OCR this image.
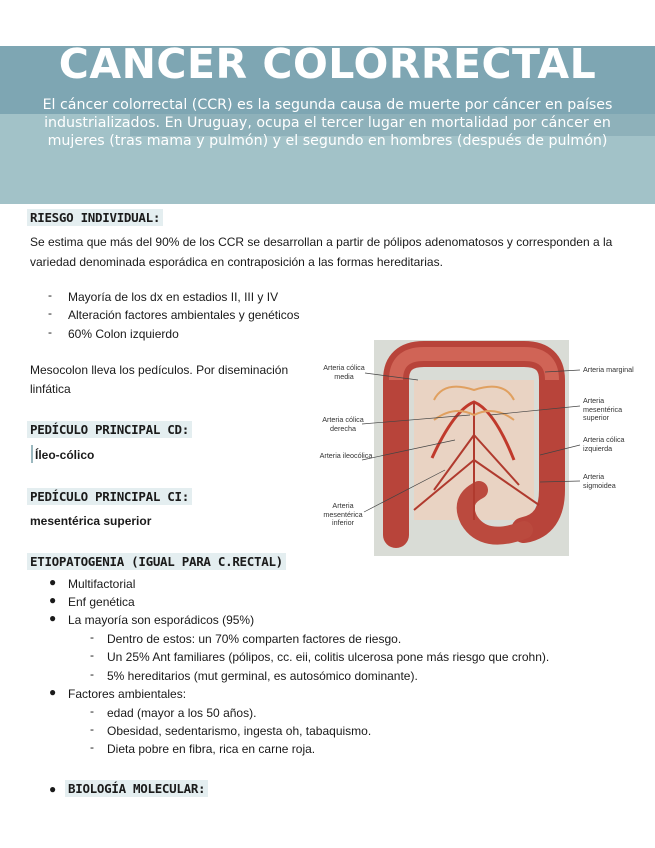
CANCER COLORRECTAL
El cáncer colorrectal (CCR) es la segunda causa de muerte por cáncer en países industrializados. En Uruguay, ocupa el tercer lugar en mortalidad por cáncer en mujeres (tras mama y pulmón) y el segundo en hombres (después de pulmón)
RIESGO INDIVIDUAL:
Se estima que más del 90% de los CCR se desarrollan a partir de pólipos adenomatosos y corresponden a la variedad denominada esporádica en contraposición a las formas hereditarias.
- Mayoría de los dx en estadios II, III y IV
- Alteración factores ambientales y genéticos
- 60% Colon izquierdo
Mesocolon lleva los pedículos. Por diseminación linfática
PEDÍCULO PRINCIPAL CD:
Íleo-cólico
PEDÍCULO PRINCIPAL CI:
mesentérica superior
Arteria cólica media
Arteria cólica derecha
Arteria ileocólica
Arteria mesentérica inferior
Arteria marginal
Arteria mesentérica superior
Arteria cólica izquierda
Arteria sigmoidea
ETIOPATOGENIA (IGUAL PARA C.RECTAL)
● Multifactorial
● Enf genética
● La mayoría son esporádicos (95%)
- Dentro de estos: un 70% comparten factores de riesgo.
- Un 25% Ant familiares (pólipos, cc. eii, colitis ulcerosa pone más riesgo que crohn).
- 5% hereditarios (mut germinal, es autosómico dominante).
● Factores ambientales:
- edad (mayor a los 50 años).
- Obesidad, sedentarismo, ingesta oh, tabaquismo.
- Dieta pobre en fibra, rica en carne roja.
● BIOLOGÍA MOLECULAR:
